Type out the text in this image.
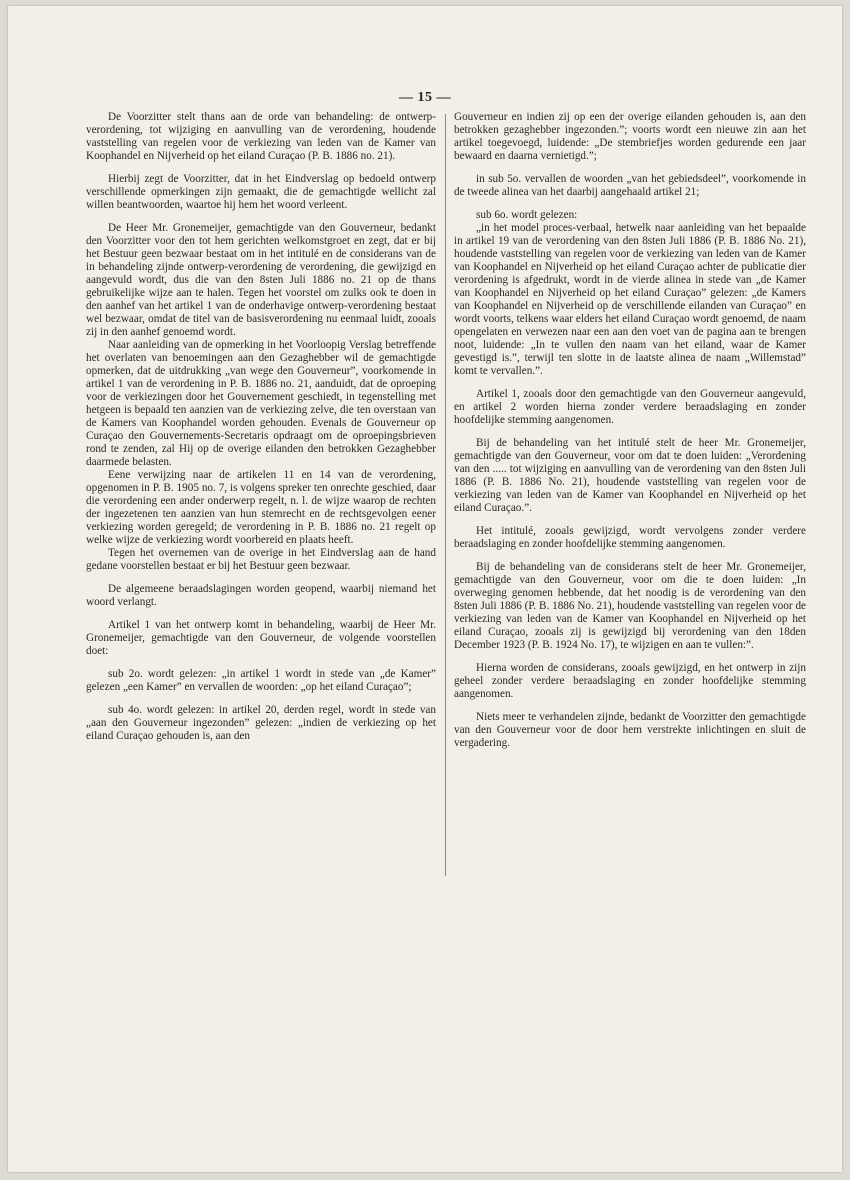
— 15 —

De Voorzitter stelt thans aan de orde van behandeling: de ontwerp-verordening, tot wijziging en aanvulling van de verordening, houdende vaststelling van regelen voor de verkiezing van leden van de Kamer van Koophandel en Nijverheid op het eiland Curaçao (P. B. 1886 no. 21).

Hierbij zegt de Voorzitter, dat in het Eindverslag op bedoeld ontwerp verschillende opmerkingen zijn gemaakt, die de gemachtigde wellicht zal willen beantwoorden, waartoe hij hem het woord verleent.

De Heer Mr. Gronemeijer, gemachtigde van den Gouverneur, bedankt den Voorzitter voor den tot hem gerichten welkomstgroet en zegt, dat er bij het Bestuur geen bezwaar bestaat om in het intitulé en de considerans van de in behandeling zijnde ontwerp-verordening de verordening, die gewijzigd en aangevuld wordt, dus die van den 8sten Juli 1886 no. 21 op de thans gebruikelijke wijze aan te halen. Tegen het voorstel om zulks ook te doen in den aanhef van het artikel 1 van de onderhavige ontwerp-verordening bestaat wel bezwaar, omdat de titel van de basisverordening nu eenmaal luidt, zooals zij in den aanhef genoemd wordt.

Naar aanleiding van de opmerking in het Voorloopig Verslag betreffende het overlaten van benoemingen aan den Gezaghebber wil de gemachtigde opmerken, dat de uitdrukking „van wege den Gouverneur”, voorkomende in artikel 1 van de verordening in P. B. 1886 no. 21, aanduidt, dat de oproeping voor de verkiezingen door het Gouvernement geschiedt, in tegenstelling met hetgeen is bepaald ten aanzien van de verkiezing zelve, die ten overstaan van de Kamers van Koophandel worden gehouden. Evenals de Gouverneur op Curaçao den Gouvernements-Secretaris opdraagt om de oproepingsbrieven rond te zenden, zal Hij op de overige eilanden den betrokken Gezaghebber daarmede belasten.

Eene verwijzing naar de artikelen 11 en 14 van de verordening, opgenomen in P. B. 1905 no. 7, is volgens spreker ten onrechte geschied, daar die verordening een ander onderwerp regelt, n. l. de wijze waarop de rechten der ingezetenen ten aanzien van hun stemrecht en de rechtsgevolgen eener verkiezing worden geregeld; de verordening in P. B. 1886 no. 21 regelt op welke wijze de verkiezing wordt voorbereid en plaats heeft.

Tegen het overnemen van de overige in het Eindverslag aan de hand gedane voorstellen bestaat er bij het Bestuur geen bezwaar.

De algemeene beraadslagingen worden geopend, waarbij niemand het woord verlangt.

Artikel 1 van het ontwerp komt in behandeling, waarbij de Heer Mr. Gronemeijer, gemachtigde van den Gouverneur, de volgende voorstellen doet:

sub 2o. wordt gelezen: „in artikel 1 wordt in stede van „de Kamer” gelezen „een Kamer” en vervallen de woorden: „op het eiland Curaçao”;

sub 4o. wordt gelezen: in artikel 20, derden regel, wordt in stede van „aan den Gouverneur ingezonden” gelezen: „indien de verkiezing op het eiland Curaçao gehouden is, aan den

Gouverneur en indien zij op een der overige eilanden gehouden is, aan den betrokken gezaghebber ingezonden.”; voorts wordt een nieuwe zin aan het artikel toegevoegd, luidende: „De stembriefjes worden gedurende een jaar bewaard en daarna vernietigd.”;

in sub 5o. vervallen de woorden „van het gebiedsdeel”, voorkomende in de tweede alinea van het daarbij aangehaald artikel 21;

sub 6o. wordt gelezen:

„in het model proces-verbaal, hetwelk naar aanleiding van het bepaalde in artikel 19 van de verordening van den 8sten Juli 1886 (P. B. 1886 No. 21), houdende vaststelling van regelen voor de verkiezing van leden van de Kamer van Koophandel en Nijverheid op het eiland Curaçao achter de publicatie dier verordening is afgedrukt, wordt in de vierde alinea in stede van „de Kamer van Koophandel en Nijverheid op het eiland Curaçao” gelezen: „de Kamers van Koophandel en Nijverheid op de verschillende eilanden van Curaçao” en wordt voorts, telkens waar elders het eiland Curaçao wordt genoemd, de naam opengelaten en verwezen naar een aan den voet van de pagina aan te brengen noot, luidende: „In te vullen den naam van het eiland, waar de Kamer gevestigd is.”, terwijl ten slotte in de laatste alinea de naam „Willemstad” komt te vervallen.”.

Artikel 1, zooals door den gemachtigde van den Gouverneur aangevuld, en artikel 2 worden hierna zonder verdere beraadslaging en zonder hoofdelijke stemming aangenomen.

Bij de behandeling van het intitulé stelt de heer Mr. Gronemeijer, gemachtigde van den Gouverneur, voor om dat te doen luiden: „Verordening van den ..... tot wijziging en aanvulling van de verordening van den 8sten Juli 1886 (P. B. 1886 No. 21), houdende vaststelling van regelen voor de verkiezing van leden van de Kamer van Koophandel en Nijverheid op het eiland Curaçao.”.

Het intitulé, zooals gewijzigd, wordt vervolgens zonder verdere beraadslaging en zonder hoofdelijke stemming aangenomen.

Bij de behandeling van de considerans stelt de heer Mr. Gronemeijer, gemachtigde van den Gouverneur, voor om die te doen luiden: „In overweging genomen hebbende, dat het noodig is de verordening van den 8sten Juli 1886 (P. B. 1886 No. 21), houdende vaststelling van regelen voor de verkiezing van leden van de Kamer van Koophandel en Nijverheid op het eiland Curaçao, zooals zij is gewijzigd bij verordening van den 18den December 1923 (P. B. 1924 No. 17), te wijzigen en aan te vullen:”.

Hierna worden de considerans, zooals gewijzigd, en het ontwerp in zijn geheel zonder verdere beraadslaging en zonder hoofdelijke stemming aangenomen.

Niets meer te verhandelen zijnde, bedankt de Voorzitter den gemachtigde van den Gouverneur voor de door hem verstrekte inlichtingen en sluit de vergadering.
